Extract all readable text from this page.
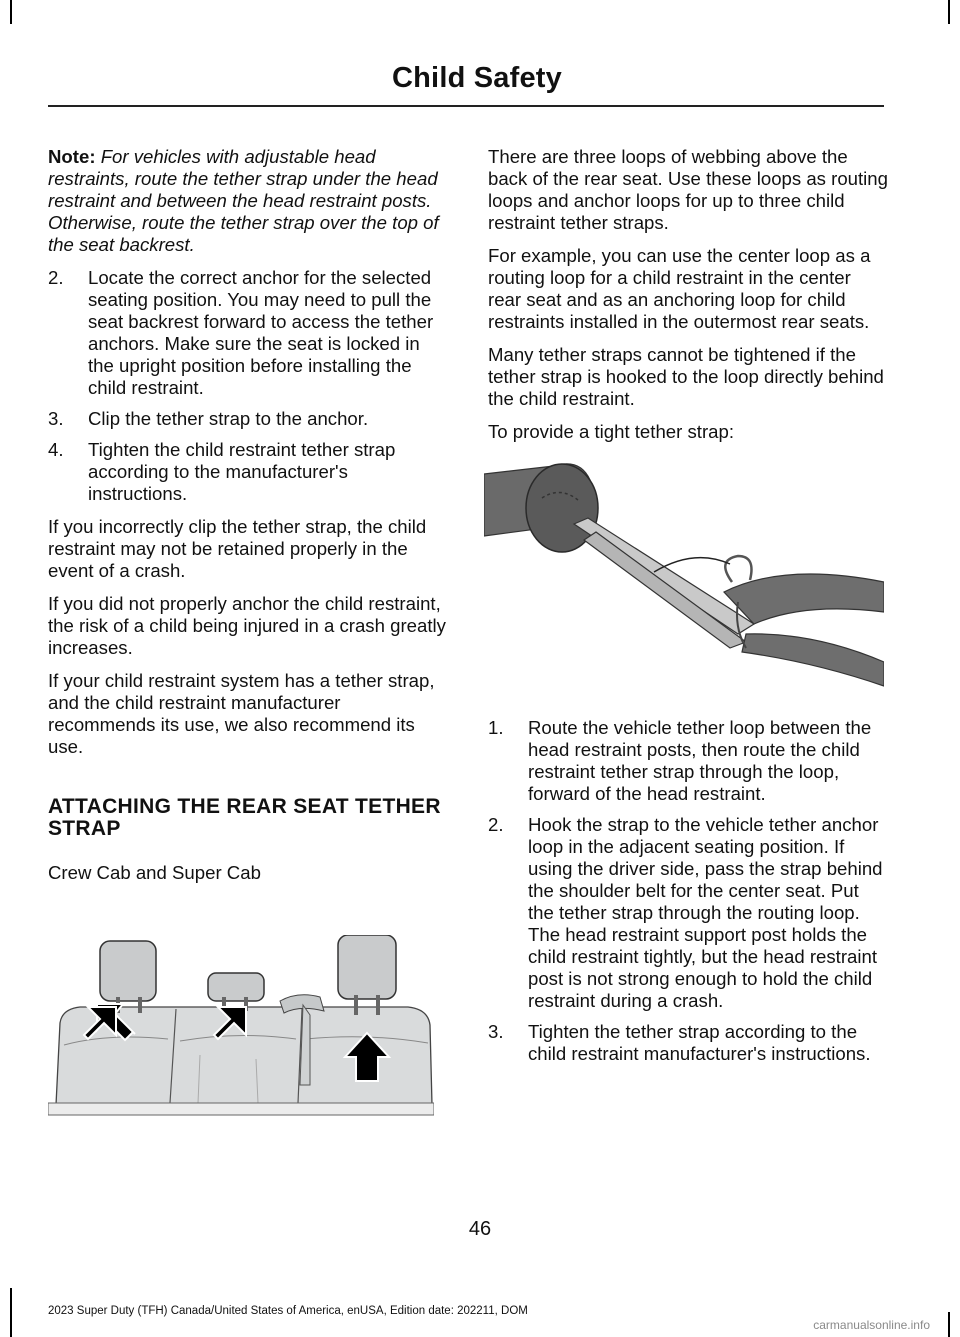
Child Safety

Note: For vehicles with adjustable head restraints, route the tether strap under the head restraint and between the head restraint posts. Otherwise, route the tether strap over the top of the seat backrest.

2. Locate the correct anchor for the selected seating position. You may need to pull the seat backrest forward to access the tether anchors. Make sure the seat is locked in the upright position before installing the child restraint.
3. Clip the tether strap to the anchor.
4. Tighten the child restraint tether strap according to the manufacturer's instructions.

If you incorrectly clip the tether strap, the child restraint may not be retained properly in the event of a crash.

If you did not properly anchor the child restraint, the risk of a child being injured in a crash greatly increases.

If your child restraint system has a tether strap, and the child restraint manufacturer recommends its use, we also recommend its use.

ATTACHING THE REAR SEAT TETHER STRAP

Crew Cab and Super Cab

There are three loops of webbing above the back of the rear seat. Use these loops as routing loops and anchor loops for up to three child restraint tether straps.

For example, you can use the center loop as a routing loop for a child restraint in the center rear seat and as an anchoring loop for child restraints installed in the outermost rear seats.

Many tether straps cannot be tightened if the tether strap is hooked to the loop directly behind the child restraint.

To provide a tight tether strap:

1. Route the vehicle tether loop between the head restraint posts, then route the child restraint tether strap through the loop, forward of the head restraint.
2. Hook the strap to the vehicle tether anchor loop in the adjacent seating position. If using the driver side, pass the strap behind the shoulder belt for the center seat. Put the tether strap through the routing loop. The head restraint support post holds the child restraint tightly, but the head restraint post is not strong enough to hold the child restraint during a crash.
3. Tighten the tether strap according to the child restraint manufacturer's instructions.
46
2023 Super Duty (TFH) Canada/United States of America, enUSA, Edition date: 202211, DOM
carmanualsonline.info
